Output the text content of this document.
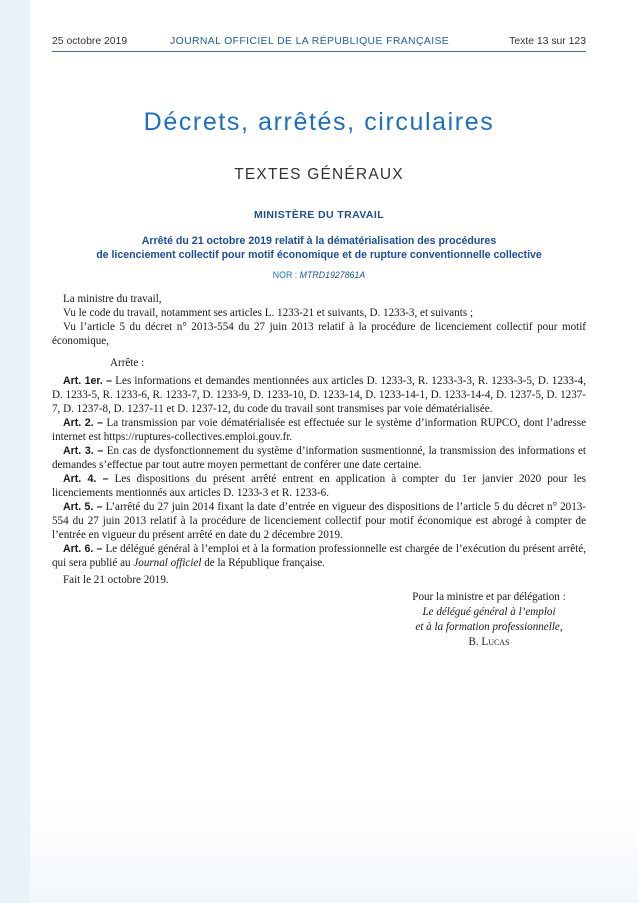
25 octobre 2019	JOURNAL OFFICIEL DE LA RÉPUBLIQUE FRANÇAISE	Texte 13 sur 123
Décrets, arrêtés, circulaires
TEXTES GÉNÉRAUX
MINISTÈRE DU TRAVAIL
Arrêté du 21 octobre 2019 relatif à la dématérialisation des procédures
de licenciement collectif pour motif économique et de rupture conventionnelle collective
NOR : MTRD1927861A

La ministre du travail,

Vu le code du travail, notamment ses articles L. 1233-21 et suivants, D. 1233-3, et suivants ;

Vu l’article 5 du décret n° 2013-554 du 27 juin 2013 relatif à la procédure de licenciement collectif pour motif économique,

Arrête :

Art. 1er. – Les informations et demandes mentionnées aux articles D. 1233-3, R. 1233-3-3, R. 1233-3-5, D. 1233-4, D. 1233-5, R. 1233-6, R. 1233-7, D. 1233-9, D. 1233-10, D. 1233-14, D. 1233-14-1, D. 1233-14-4, D. 1237-5, D. 1237-7, D. 1237-8, D. 1237-11 et D. 1237-12, du code du travail sont transmises par voie dématérialisée.

Art. 2. – La transmission par voie dématérialisée est effectuée sur le système d’information RUPCO, dont l’adresse internet est https://ruptures-collectives.emploi.gouv.fr.

Art. 3. – En cas de dysfonctionnement du système d’information susmentionné, la transmission des informations et demandes s’effectue par tout autre moyen permettant de conférer une date certaine.

Art. 4. – Les dispositions du présent arrêté entrent en application à compter du 1er janvier 2020 pour les licenciements mentionnés aux articles D. 1233-3 et R. 1233-6.

Art. 5. – L’arrêté du 27 juin 2014 fixant la date d’entrée en vigueur des dispositions de l’article 5 du décret n° 2013-554 du 27 juin 2013 relatif à la procédure de licenciement collectif pour motif économique est abrogé à compter de l’entrée en vigueur du présent arrêté en date du 2 décembre 2019.

Art. 6. – Le délégué général à l’emploi et à la formation professionnelle est chargée de l’exécution du présent arrêté, qui sera publié au Journal officiel de la République française.

Fait le 21 octobre 2019.

Pour la ministre et par délégation :
Le délégué général à l’emploi
et à la formation professionnelle,
B. Lucas
